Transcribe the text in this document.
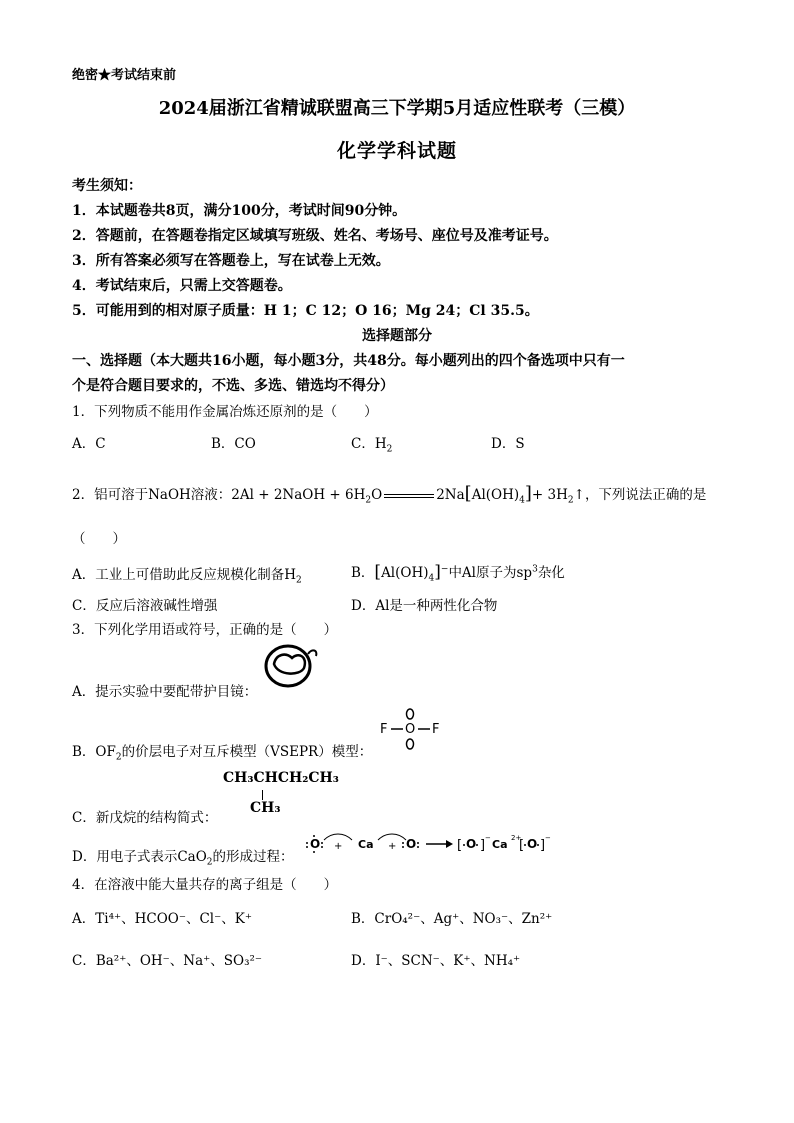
绝密★考试结束前
2024届浙江省精诚联盟高三下学期5月适应性联考（三模）
化学学科试题
考生须知：
1．本试题卷共8页，满分100分，考试时间90分钟。
2．答题前，在答题卷指定区域填写班级、姓名、考场号、座位号及准考证号。
3．所有答案必须写在答题卷上，写在试卷上无效。
4．考试结束后，只需上交答题卷。
5．可能用到的相对原子质量：H 1；C 12；O 16；Mg 24；Cl 35.5。
选择题部分
一、选择题（本大题共16小题，每小题3分，共48分。每小题列出的四个备选项中只有一
个是符合题目要求的，不选、多选、错选均不得分）
1．下列物质不能用作金属冶炼还原剂的是（　　）
A．C	B．CO	C．$H_2$	D．S
2．铝可溶于NaOH溶液：2Al + 2NaOH + $6H_2O$	$2Na[Al(OH)_4]+$ $3H_2↑$，下列说法正确的是
（　　）
A．工业上可借助此反应规模化制备$H_2$	B．$[Al(OH)_4]^-$中Al原子为$sp^3$杂化
C．反应后溶液碱性增强	D．Al是一种两性化合物
3．下列化学用语或符号，正确的是（　　）
A．提示实验中要配带护目镜：
B．$OF_2$的价层电子对互斥模型（VSEPR）模型：
F O F
CH₃CHCH₂CH₃
CH₃
C．新戊烷的结构简式：
D．用电子式表示CaO$_2$的形成过程：
O + Ca + O	[ O ] − Ca 2+
[ O ] −
4．在溶液中能大量共存的离子组是（　　）
A．Ti⁴⁺、HCOO⁻、Cl⁻、K⁺	B．CrO₄²⁻、Ag⁺、NO₃⁻、Zn²⁺
C．Ba²⁺、OH⁻、Na⁺、SO₃²⁻	D．I⁻、SCN⁻、K⁺、NH₄⁺
